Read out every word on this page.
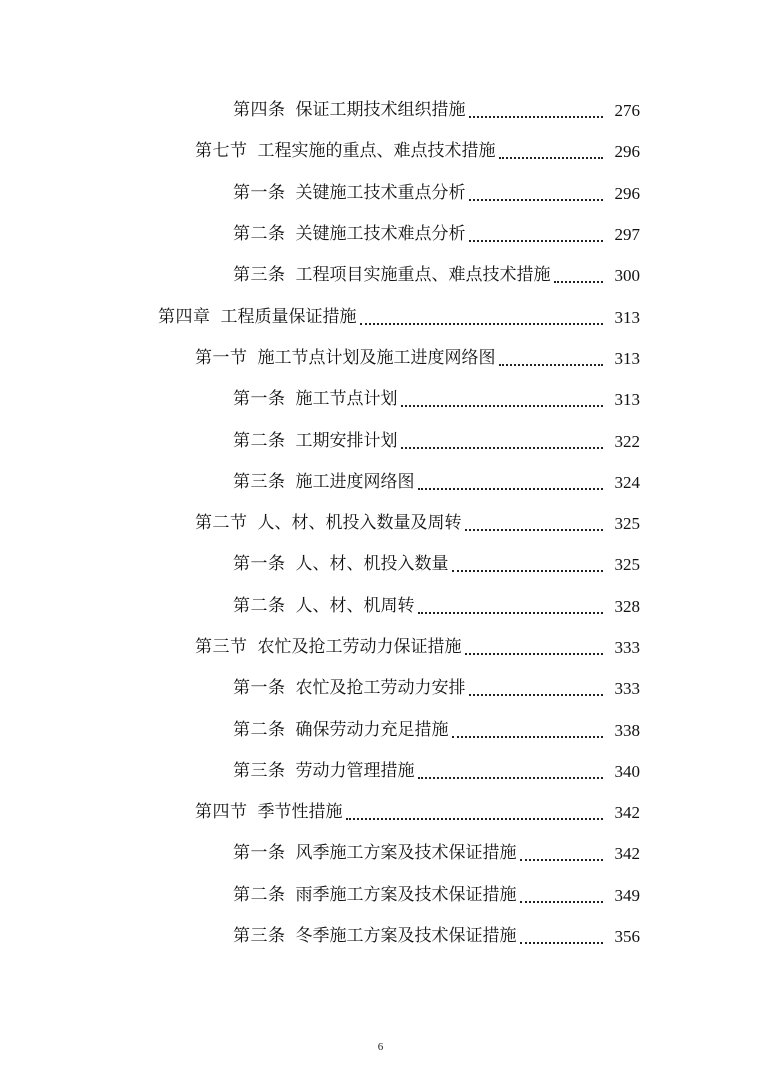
第四条 保证工期技术组织措施	276
第七节 工程实施的重点、难点技术措施	296
第一条 关键施工技术重点分析	296
第二条 关键施工技术难点分析	297
第三条 工程项目实施重点、难点技术措施	300
第四章 工程质量保证措施	313
第一节 施工节点计划及施工进度网络图	313
第一条 施工节点计划	313
第二条 工期安排计划	322
第三条 施工进度网络图	324
第二节 人、材、机投入数量及周转	325
第一条 人、材、机投入数量	325
第二条 人、材、机周转	328
第三节 农忙及抢工劳动力保证措施	333
第一条 农忙及抢工劳动力安排	333
第二条 确保劳动力充足措施	338
第三条 劳动力管理措施	340
第四节 季节性措施	342
第一条 风季施工方案及技术保证措施	342
第二条 雨季施工方案及技术保证措施	349
第三条 冬季施工方案及技术保证措施	356
6
